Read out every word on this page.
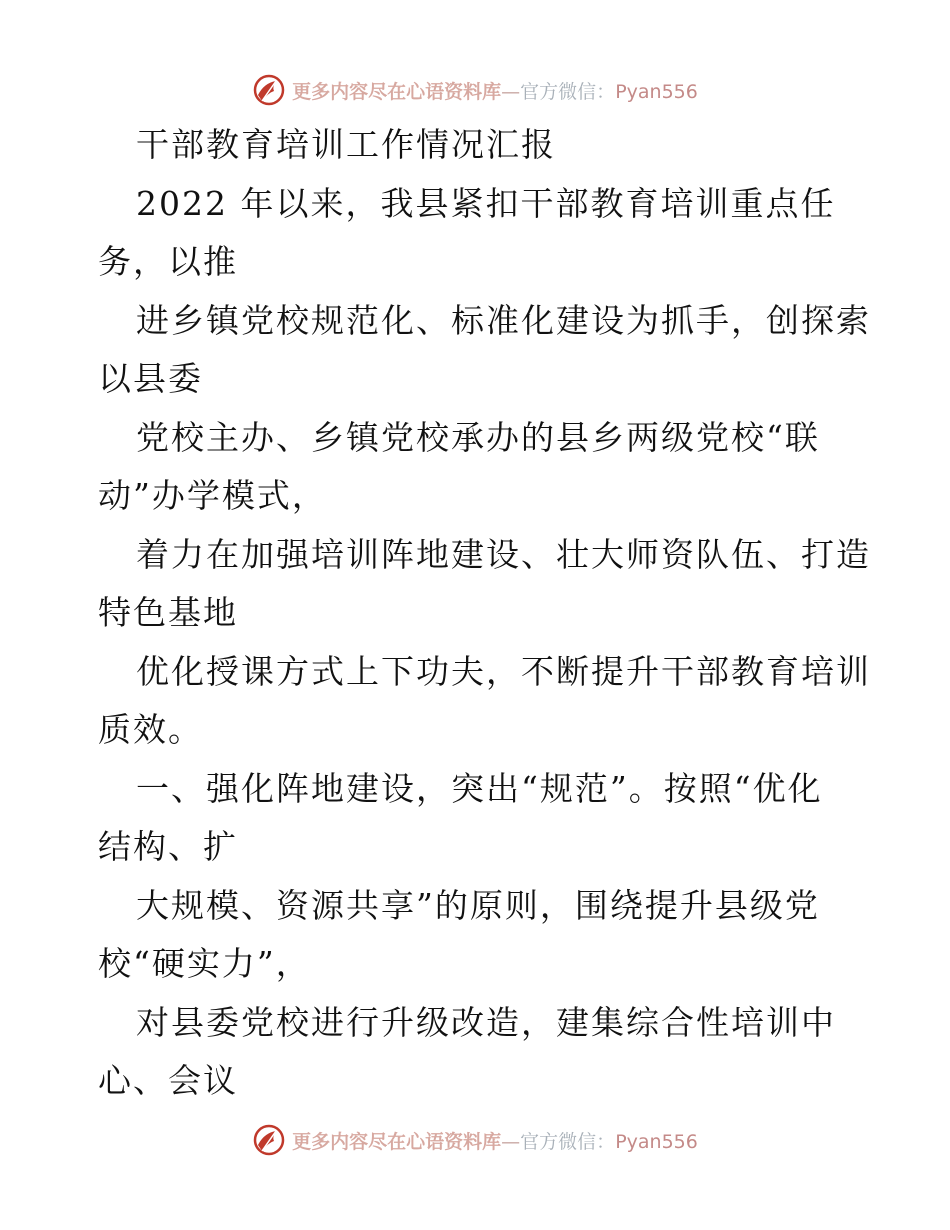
更多内容尽在心语资料库—官方微信：Pyan556
干部教育培训工作情况汇报
2022 年以来，我县紧扣干部教育培训重点任
务，以推
进乡镇党校规范化、标准化建设为抓手，创探索
以县委
党校主办、乡镇党校承办的县乡两级党校“联
动”办学模式，
着力在加强培训阵地建设、壮大师资队伍、打造
特色基地
优化授课方式上下功夫，不断提升干部教育培训
质效。
一、强化阵地建设，突出“规范”。按照“优化
结构、扩
大规模、资源共享”的原则，围绕提升县级党
校“硬实力”，
对县委党校进行升级改造，建集综合性培训中
心、会议
更多内容尽在心语资料库—官方微信：Pyan556
